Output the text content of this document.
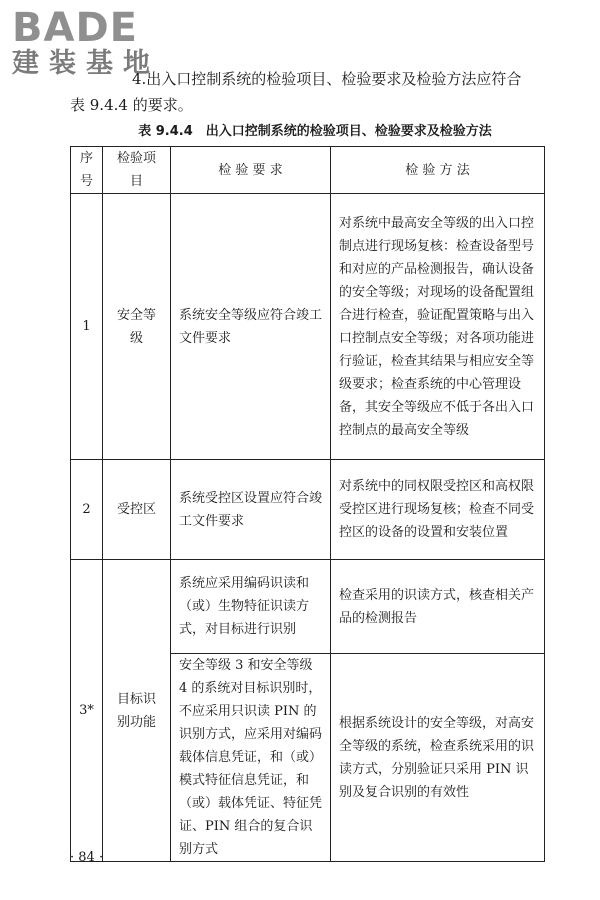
BADE
建装基地
4.出入口控制系统的检验项目、检验要求及检验方法应符合
表 9.4.4 的要求。
表 9.4.4　出入口控制系统的检验项目、检验要求及检验方法
序号	检验项目	检 验 要 求	检 验 方 法
1	安全等级	系统安全等级应符合竣工文件要求	对系统中最高安全等级的出入口控制点进行现场复核：检查设备型号和对应的产品检测报告，确认设备的安全等级；对现场的设备配置组合进行检查，验证配置策略与出入口控制点安全等级；对各项功能进行验证，检查其结果与相应安全等级要求；检查系统的中心管理设备，其安全等级应不低于各出入口控制点的最高安全等级
2	受控区	系统受控区设置应符合竣工文件要求	对系统中的同权限受控区和高权限受控区进行现场复核；检查不同受控区的设备的设置和安装位置
3*	目标识别功能	系统应采用编码识读和（或）生物特征识读方式，对目标进行识别	检查采用的识读方式，核查相关产品的检测报告
		安全等级 3 和安全等级 4 的系统对目标识别时，不应采用只识读 PIN 的识别方式，应采用对编码载体信息凭证，和（或）模式特征信息凭证，和（或）载体凭证、特征凭证、PIN 组合的复合识别方式	根据系统设计的安全等级，对高安全等级的系统，检查系统采用的识读方式，分别验证只采用 PIN 识别及复合识别的有效性
· 84 ·
